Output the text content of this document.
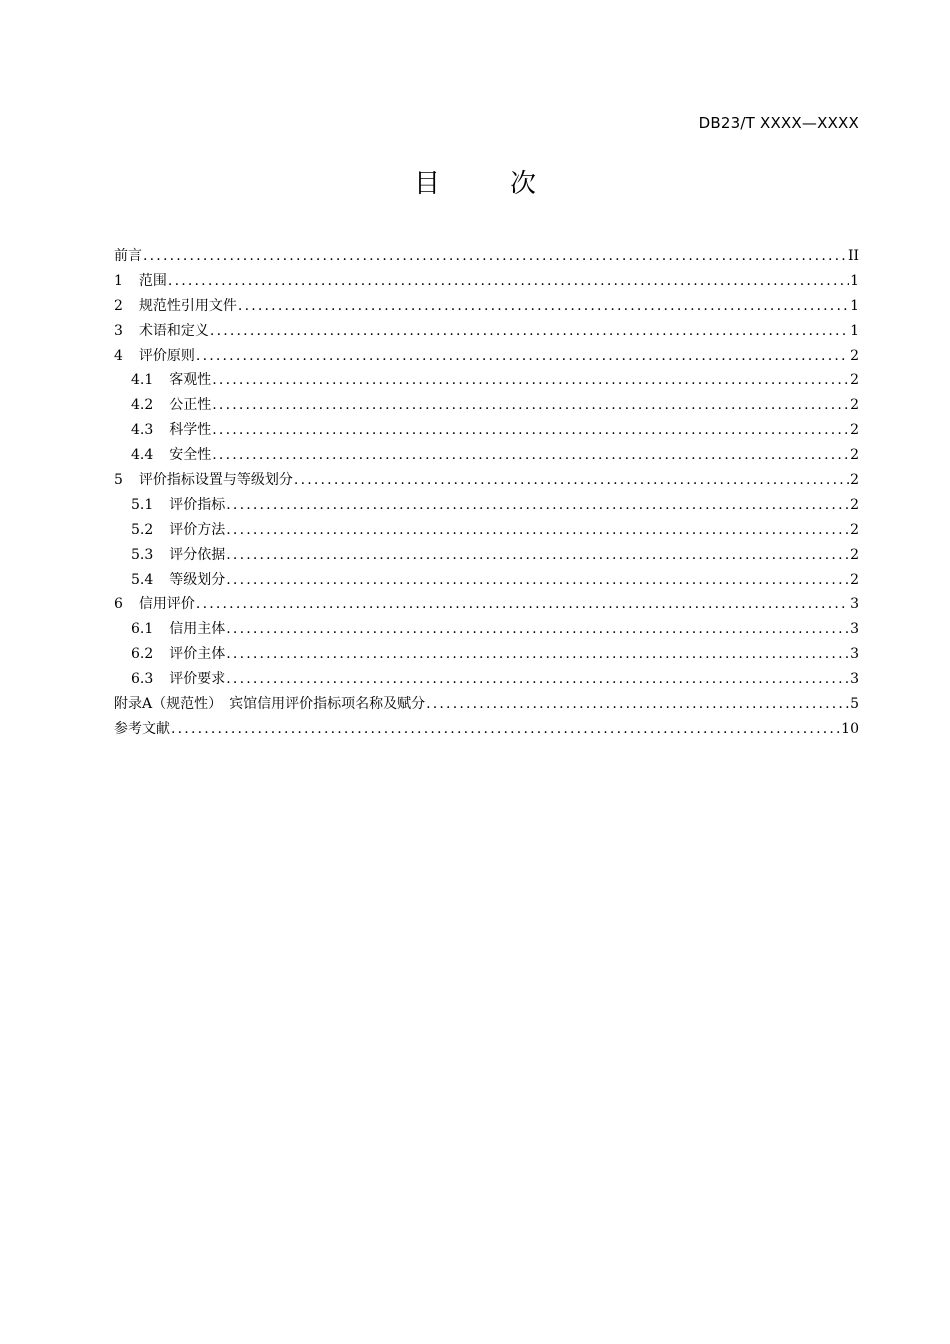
DB23/T XXXX—XXXX
目　次
前言 .....	II
1 范围 .....	1
2 规范性引用文件 .....	1
3 术语和定义 .....	1
4 评价原则 .....	2
4.1 客观性 .....	2
4.2 公正性 .....	2
4.3 科学性 .....	2
4.4 安全性 .....	2
5 评价指标设置与等级划分 .....	2
5.1 评价指标 .....	2
5.2 评价方法 .....	2
5.3 评分依据 .....	2
5.4 等级划分 .....	2
6 信用评价 .....	3
6.1 信用主体 .....	3
6.2 评价主体 .....	3
6.3 评价要求 .....	3
附录A（规范性）　宾馆信用评价指标项名称及赋分 .....	5
参考文献 .....	10
